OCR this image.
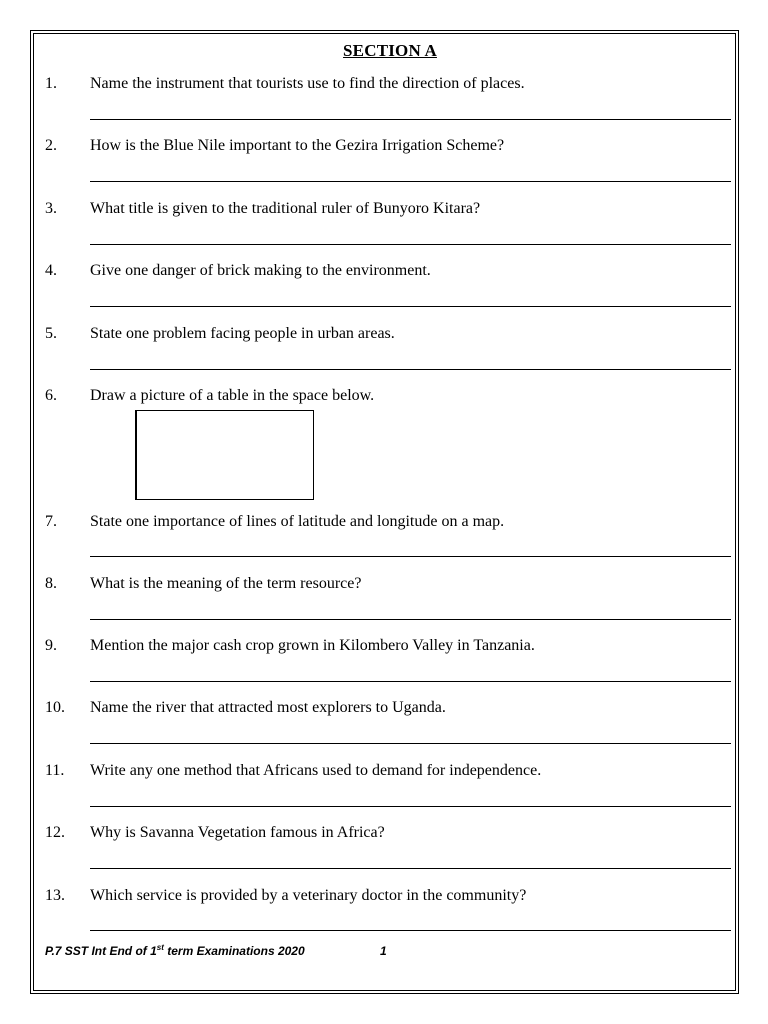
SECTION A
1. Name the instrument that tourists use to find the direction of places.
2. How is the Blue Nile important to the Gezira Irrigation Scheme?
3. What title is given to the traditional ruler of Bunyoro Kitara?
4. Give one danger of brick making to the environment.
5. State one problem facing people in urban areas.
6. Draw a picture of a table in the space below.
7. State one importance of lines of latitude and longitude on a map.
8. What is the meaning of the term resource?
9. Mention the major cash crop grown in Kilombero Valley in Tanzania.
10. Name the river that attracted most explorers to Uganda.
11. Write any one method that Africans used to demand for independence.
12. Why is Savanna Vegetation famous in Africa?
13. Which service is provided by a veterinary doctor in the community?
P.7 SST Int End of 1st term Examinations 2020	1
